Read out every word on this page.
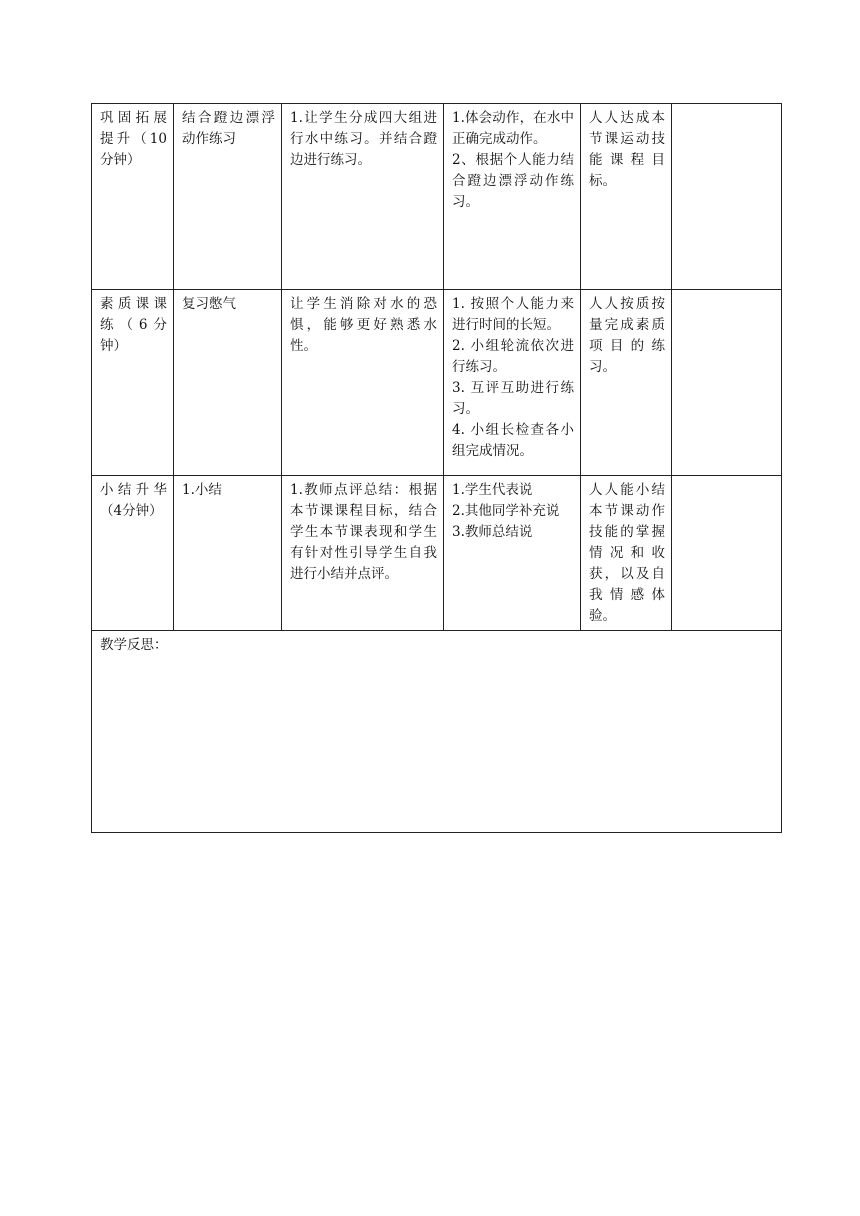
巩固拓展提升（10分钟）	结合蹬边漂浮动作练习	1.让学生分成四大组进行水中练习。并结合蹬边进行练习。	1.体会动作，在水中正确完成动作。
2、根据个人能力结合蹬边漂浮动作练习。	人人达成本节课运动技能课程目标。	
素质课课练（6分钟）	复习憋气	让学生消除对水的恐惧，能够更好熟悉水性。	1. 按照个人能力来进行时间的长短。
2. 小组轮流依次进行练习。
3. 互评互助进行练习。
4. 小组长检查各小组完成情况。	人人按质按量完成素质项目的练习。	
小结升华（4分钟）	1.小结	1.教师点评总结：根据本节课课程目标，结合学生本节课表现和学生有针对性引导学生自我进行小结并点评。	1.学生代表说
2.其他同学补充说
3.教师总结说	人人能小结本节课动作技能的掌握情况和收获，以及自我情感体验。	
教学反思：					
